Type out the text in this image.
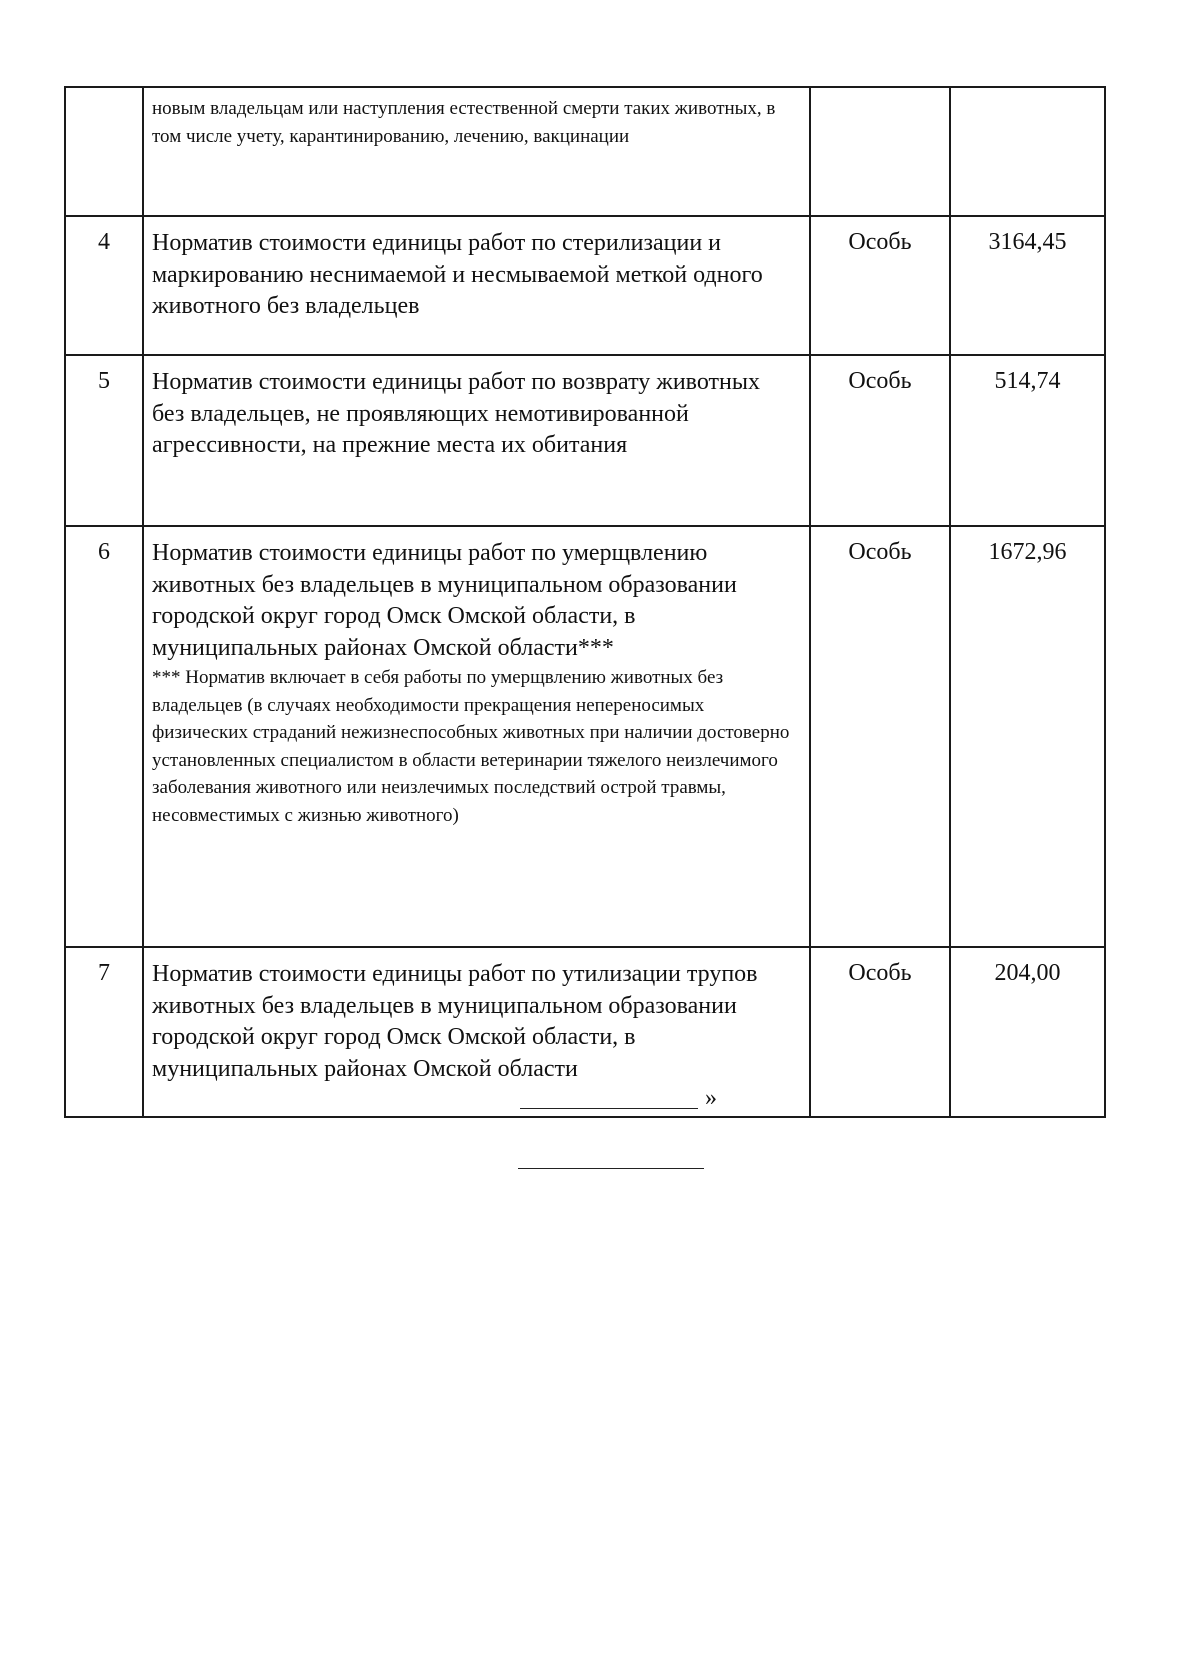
	новым владельцам или наступления естественной смерти таких животных, в том числе учету, карантинированию, лечению, вакцинации		

4	Норматив стоимости единицы работ по стерилизации и маркированию неснимаемой и несмываемой меткой одного животного без владельцев	Особь	3164,45
5	Норматив стоимости единицы работ по возврату животных без владельцев, не проявляющих немотивированной агрессивности, на прежние места их обитания	Особь	514,74
6	Норматив стоимости единицы работ по умерщвлению животных без владельцев в муниципальном образовании городской округ город Омск Омской области, в муниципальных районах Омской области***
*** Норматив включает в себя работы по умерщвлению животных без владельцев (в случаях необходимости прекращения непереносимых физических страданий нежизнеспособных животных при наличии достоверно установленных специалистом в области ветеринарии тяжелого неизлечимого заболевания животного или неизлечимых последствий острой травмы, несовместимых с жизнью животного)	Особь	1672,96
7	Норматив стоимости единицы работ по утилизации трупов животных без владельцев в муниципальном образовании городской округ город Омск Омской области, в муниципальных районах Омской области	Особь	204,00
»
